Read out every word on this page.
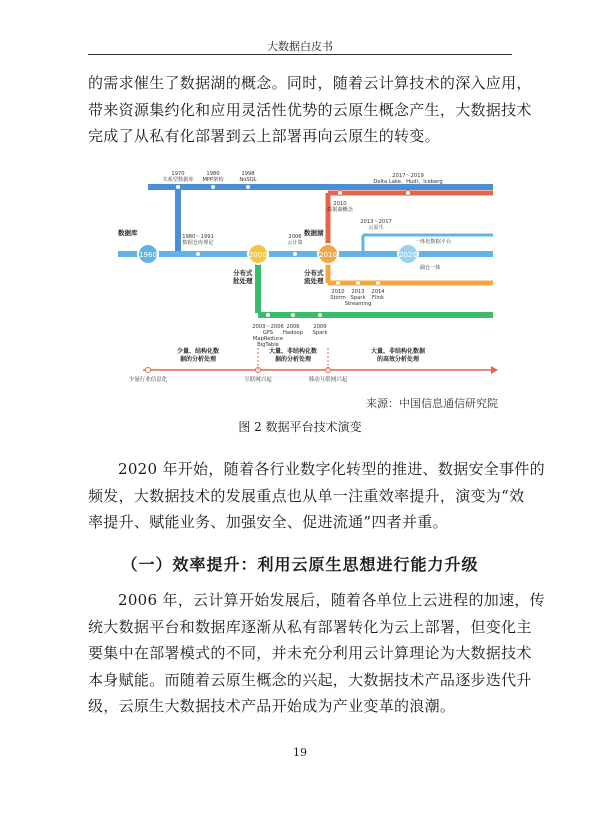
大数据白皮书
的需求催生了数据湖的概念。同时，随着云计算技术的深入应用，
带来资源集约化和应用灵活性优势的云原生概念产生，大数据技术
完成了从私有化部署到云上部署再向云原生的转变。
1960	2000	2010	2020
1970
关系型数据库
1980
MPP架构
1998
NoSQL
1980～1991
数据仓库理论
2006
云计算
2010
数据湖概念
2017～2019
Delta Lake、Hudi、Iceberg
2013～2017
云原生
一体化数据平台
湖仓一体
2010
Storm
2013
Spark
Streaming
2014
Flink
2003～2006
GFS
MapReduce
BigTable
2006
Hadoop
2009
Spark
数据库
分布式
批处理
数据湖
分布式
流处理
少量、结构化数
据的分析处理
大量、非结构化数
据的分析处理
大量、非结构化数据
的高效分析处理
少量行业信息化	互联网兴起	移动互联网兴起
来源：中国信息通信研究院
图 2 数据平台技术演变
2020 年开始，随着各行业数字化转型的推进、数据安全事件的
频发，大数据技术的发展重点也从单一注重效率提升，演变为“效
率提升、赋能业务、加强安全、促进流通”四者并重。
（一）效率提升：利用云原生思想进行能力升级
2006 年，云计算开始发展后，随着各单位上云进程的加速，传
统大数据平台和数据库逐渐从私有部署转化为云上部署，但变化主
要集中在部署模式的不同，并未充分利用云计算理论为大数据技术
本身赋能。而随着云原生概念的兴起，大数据技术产品逐步迭代升
级，云原生大数据技术产品开始成为产业变革的浪潮。
19
